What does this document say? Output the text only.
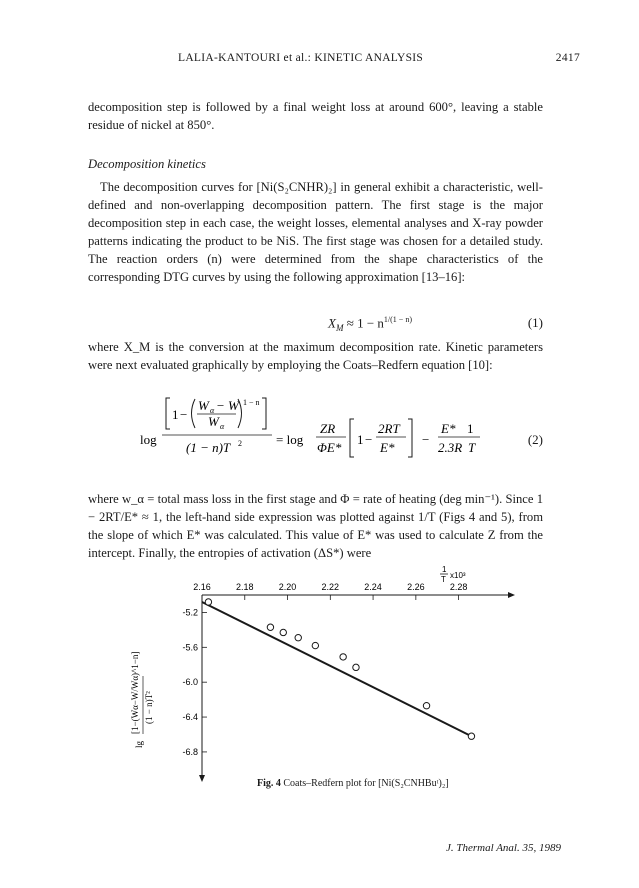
LALIA-KANTOURI et al.: KINETIC ANALYSIS	2417
decomposition step is followed by a final weight loss at around 600°, leaving a stable residue of nickel at 850°.
Decomposition kinetics
The decomposition curves for [Ni(S₂CNHR)₂] in general exhibit a characteristic, well-defined and non-overlapping decomposition pattern. The first stage is the major decomposition step in each case, the weight losses, elemental analyses and X-ray powder patterns indicating the product to be NiS. The first stage was chosen for a detailed study. The reaction orders (n) were determined from the shape characteristics of the corresponding DTG curves by using the following approximation [13–16]:
$X_M \approx 1 - n^{1/(1 - n)}$	(1)
where X_M is the conversion at the maximum decomposition rate. Kinetic parameters were next evaluated graphically by employing the Coats–Redfern equation [10]:
log
1 −
W α − W
W α
1 − n
(1 − n)T 2	= log
ZR
ΦE*
1 −
2RT
E*
−
E* 1
2.3R T
(2)
where w_α = total mass loss in the first stage and Φ = rate of heating (deg min⁻¹). Since 1 − 2RT/E* ≈ 1, the left-hand side expression was plotted against 1/T (Figs 4 and 5), from the slope of which E* was calculated. This value of E* was used to calculate Z from the intercept. Finally, the entropies of activation (ΔS*) were
1
T x10³
2.16	2.18	2.20	2.22	2.24	2.26	2.28
-5.2
-5.6
-6.0
-6.4
-6.8
lg
[1−(Wα−W/Wα)^1−n] (1 − n)T²
Fig. 4 Coats–Redfern plot for [Ni(S₂CNHBuᵗ)₂]
J. Thermal Anal. 35, 1989
